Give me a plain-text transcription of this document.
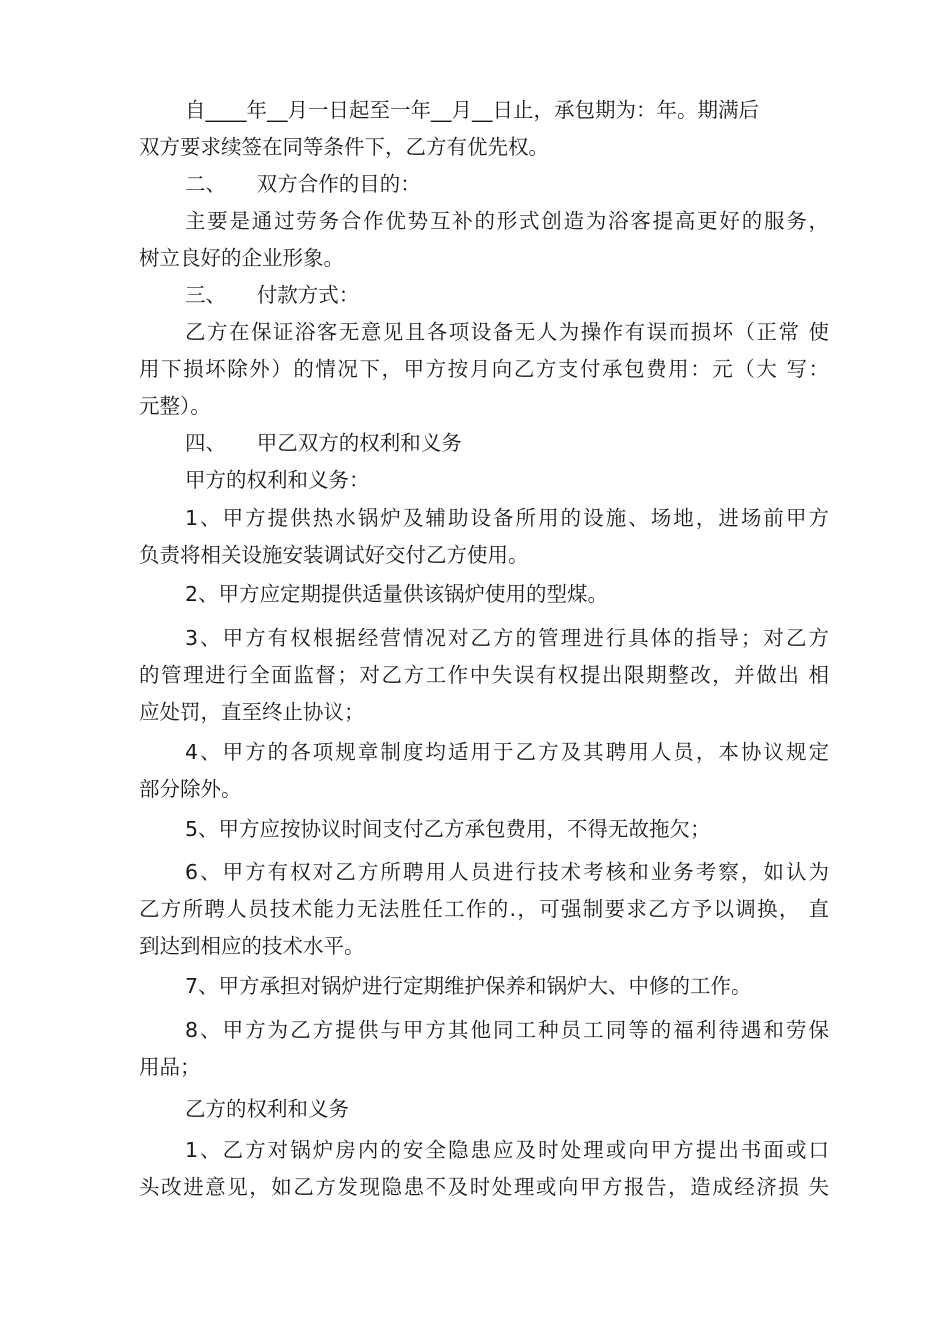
自____年__月一日起至一年__月__日止，承包期为：年。期满后
双方要求续签在同等条件下，乙方有优先权。
二、　　双方合作的目的：
主要是通过劳务合作优势互补的形式创造为浴客提高更好的服务，
树立良好的企业形象。
三、　　付款方式：
乙方在保证浴客无意见且各项设备无人为操作有误而损坏（正常 使
用下损坏除外）的情况下，甲方按月向乙方支付承包费用：元（大 写：
元整）。
四、　　甲乙双方的权利和义务
甲方的权利和义务：
1、甲方提供热水锅炉及辅助设备所用的设施、场地，进场前甲方
负责将相关设施安装调试好交付乙方使用。
2、甲方应定期提供适量供该锅炉使用的型煤。
3、甲方有权根据经营情况对乙方的管理进行具体的指导；对乙方
的管理进行全面监督；对乙方工作中失误有权提出限期整改，并做出 相
应处罚，直至终止协议；
4、甲方的各项规章制度均适用于乙方及其聘用人员，本协议规定
部分除外。
5、甲方应按协议时间支付乙方承包费用，不得无故拖欠；
6、甲方有权对乙方所聘用人员进行技术考核和业务考察，如认为
乙方所聘人员技术能力无法胜任工作的.，可强制要求乙方予以调换， 直
到达到相应的技术水平。
7、甲方承担对锅炉进行定期维护保养和锅炉大、中修的工作。
8、甲方为乙方提供与甲方其他同工种员工同等的福利待遇和劳保
用品；
乙方的权利和义务
1、乙方对锅炉房内的安全隐患应及时处理或向甲方提出书面或口
头改进意见，如乙方发现隐患不及时处理或向甲方报告，造成经济损 失
